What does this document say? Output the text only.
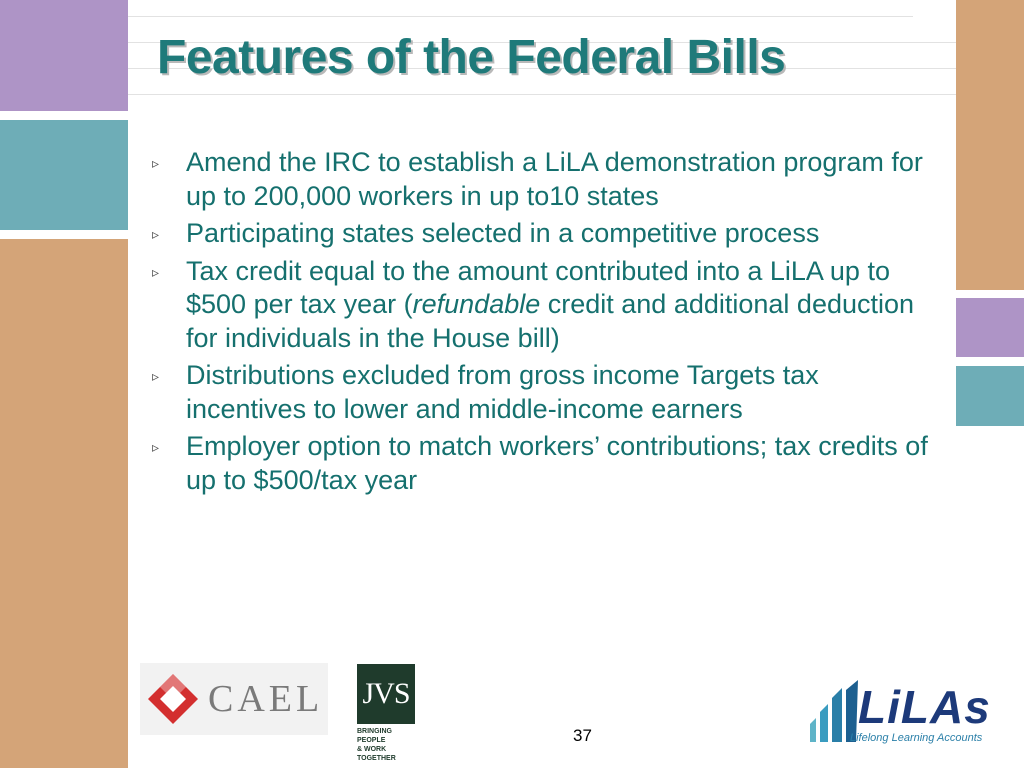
Features of the Federal Bills
▹ Amend the IRC to establish a LiLA demonstration program for up to 200,000 workers in up to10 states
▹ Participating states selected in a competitive process
▹ Tax credit equal to the amount contributed into a LiLA up to $500 per tax year (refundable credit and additional deduction for individuals in the House bill)
▹ Distributions excluded from gross income Targets tax incentives to lower and middle-income earners
▹ Employer option to match workers’ contributions; tax credits of up to $500/tax year
CAEL JVS
BRINGING PEOPLE
& WORK TOGETHER
37
LiLAs
Lifelong Learning Accounts
